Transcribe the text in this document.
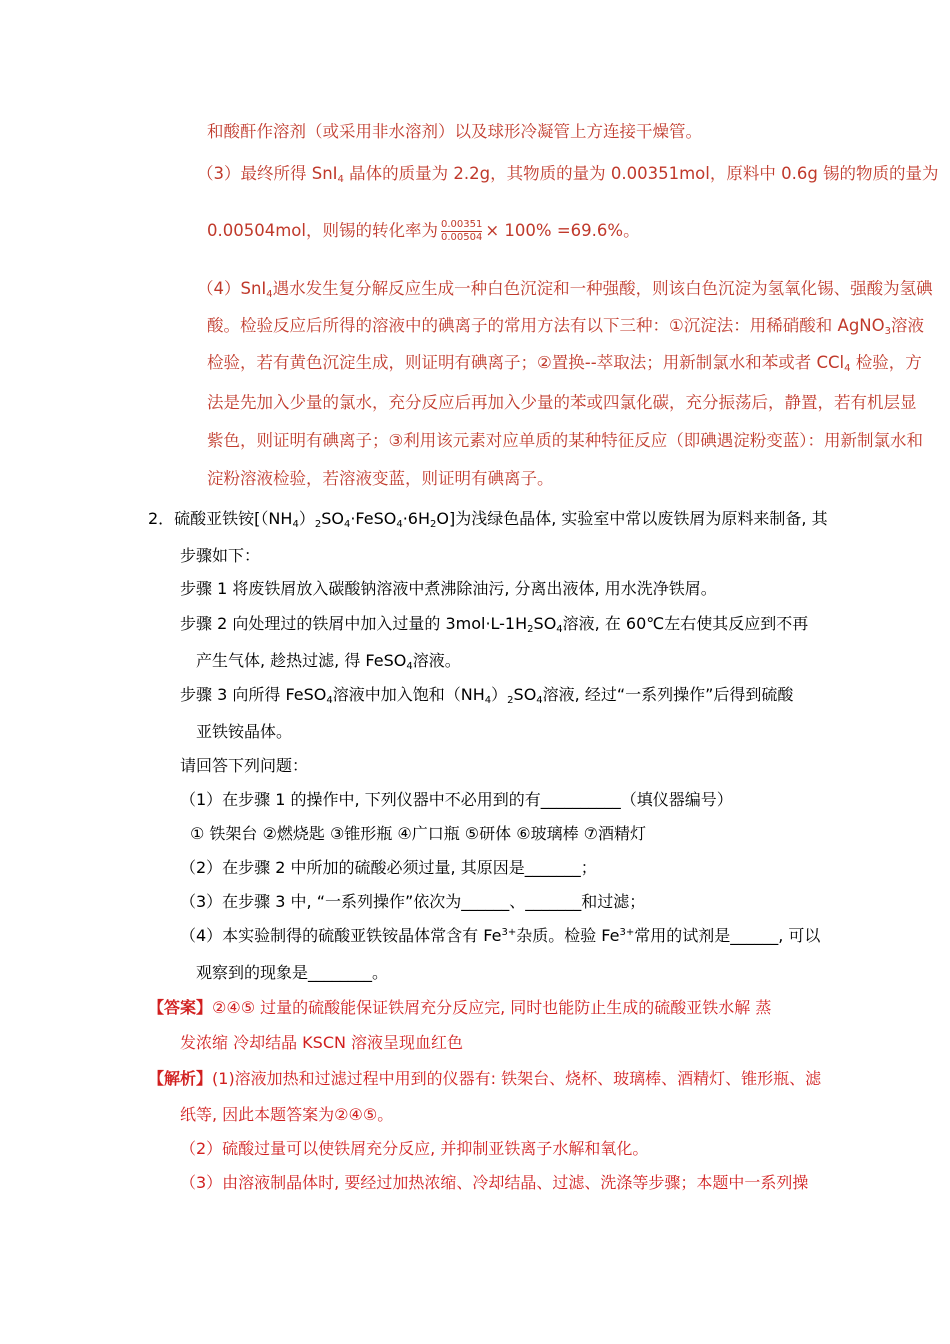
和酸酐作溶剂（或采用非水溶剂）以及球形冷凝管上方连接干燥管。
（3）最终所得 SnI$_4$ 晶体的质量为 2.2g，其物质的量为 0.00351mol，原料中 0.6g 锡的物质的量为
0.00504mol，则锡的转化率为 $\frac{0.00351}{0.00504} \times 100\% =69.6\%$。
（4）SnI$_4$遇水发生复分解反应生成一种白色沉淀和一种强酸，则该白色沉淀为氢氧化锡、强酸为氢碘
酸。检验反应后所得的溶液中的碘离子的常用方法有以下三种：①沉淀法：用稀硝酸和 AgNO$_3$溶液
检验，若有黄色沉淀生成，则证明有碘离子；②置换--萃取法；用新制氯水和苯或者 CCl$_4$ 检验，方
法是先加入少量的氯水，充分反应后再加入少量的苯或四氯化碳，充分振荡后，静置，若有机层显
紫色，则证明有碘离子；③利用该元素对应单质的某种特征反应（即碘遇淀粉变蓝）：用新制氯水和
淀粉溶液检验，若溶液变蓝，则证明有碘离子。
2．硫酸亚铁铵$[(NH_4)_2SO_4\cdot FeSO_4\cdot 6H_2O]$为浅绿色晶体, 实验室中常以废铁屑为原料来制备, 其
步骤如下：
步骤 1 将废铁屑放入碳酸钠溶液中煮沸除油污, 分离出液体, 用水洗净铁屑。
步骤 2 向处理过的铁屑中加入过量的 $3mol\cdot L-1H_2SO_4$溶液, 在 60℃左右使其反应到不再
产生气体, 趁热过滤, 得 FeSO$_4$溶液。
步骤 3 向所得 FeSO$_4$溶液中加入饱和$(NH_4)_2SO_4$溶液, 经过“一系列操作”后得到硫酸
亚铁铵晶体。
请回答下列问题：
（1）在步骤 1 的操作中, 下列仪器中不必用到的有__________（填仪器编号）
① 铁架台 ②燃烧匙 ③锥形瓶 ④广口瓶 ⑤研体 ⑥玻璃棒 ⑦酒精灯
（2）在步骤 2 中所加的硫酸必须过量, 其原因是_______；
（3）在步骤 3 中, “一系列操作”依次为______、_______和过滤；
（4）本实验制得的硫酸亚铁铵晶体常含有 $Fe^{3+}$杂质。检验 $Fe^{3+}$常用的试剂是______, 可以
观察到的现象是________。
【答案】②④⑤ 过量的硫酸能保证铁屑充分反应完, 同时也能防止生成的硫酸亚铁水解 蒸
发浓缩 冷却结晶 KSCN 溶液呈现血红色
【解析】(1)溶液加热和过滤过程中用到的仪器有: 铁架台、烧杯、玻璃棒、酒精灯、锥形瓶、滤
纸等, 因此本题答案为②④⑤。
（2）硫酸过量可以使铁屑充分反应, 并抑制亚铁离子水解和氧化。
（3）由溶液制晶体时, 要经过加热浓缩、冷却结晶、过滤、洗涤等步骤；本题中一系列操
